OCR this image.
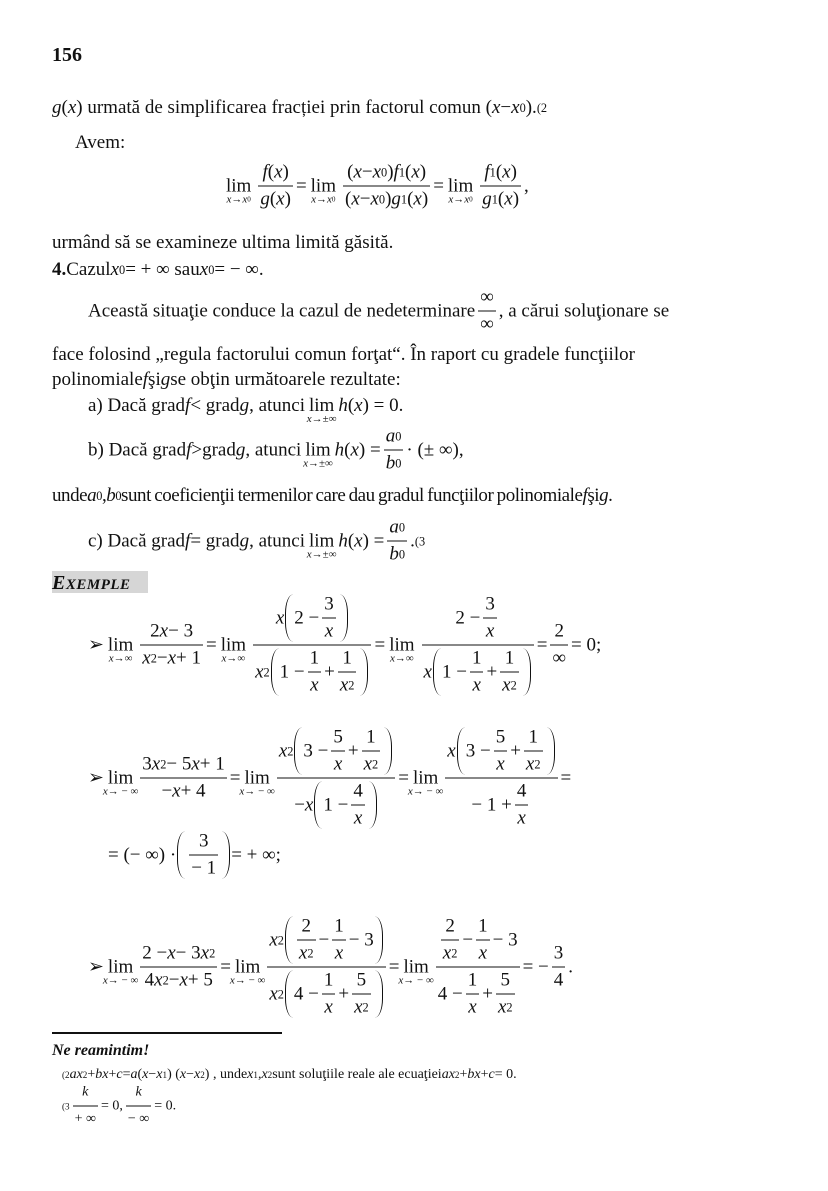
156
g ( x ) urmată de simplificarea fracției prin factorul comun ( x − x 0 ). (2
Avem:
lim
x → x $0 \frac{f ( x )}{g ( x )} = \lim$
x → x $0 \frac{( x - x 0 ) f 1 ( x )}{( x - x 0 ) g 1 ( x )} = \lim$
x → x $0 \frac{f 1 ( x )}{g 1 ( x )}$ ,
urmând să se examineze ultima limită găsită.
4. Cazul x 0 = + ∞ sau x 0 = − ∞.
Această situaţie conduce la cazul de nedeterminare $\frac{\infty}{\infty}$ , a cărui soluţionare se
face folosind „regula factorului comun forţat“. În raport cu gradele funcţiilor
polinomiale f şi g se obţin următoarele rezultate:
a) Dacă grad f < grad g , atunci lim
x →±∞
h ( x ) = 0.
b) Dacă grad f >grad g , atunci lim
x →±∞
h ( x ) = $\frac{a 0}{b 0}$ · (± ∞),
unde a 0 , b 0 sunt coeficienţii termenilor care dau gradul funcţiilor polinomiale f şi g .
c) Dacă grad f = grad g , atunci lim
x →±∞
h ( x ) = $\frac{a 0}{b 0}$ . (3
EXEMPLE
➢ lim
x →∞ $\frac{2 x - 3}{x 2 - x + 1} = \lim$
x →∞ $\frac{x 2 - \frac{3}{x}}{x 2 1 - \frac{1}{x} + \frac{1}{x 2}} = \lim$
x →∞ $\frac{2 - \frac{3}{x}}{x 1 - \frac{1}{x} + \frac{1}{x 2}} = \frac{2}{\infty} = 0$;
➢ lim
x → − ∞ $\frac{3 x 2 - 5 x + 1}{- x + 4} = \lim$
x → − ∞ $\frac{x 2 3 - \frac{5}{x} + \frac{1}{x 2}}{- x 1 - \frac{4}{x}} = \lim$
x → − ∞ $\frac{x 3 - \frac{5}{x} + \frac{1}{x 2}}{- 1 + \frac{4}{x}}$ =
= (− ∞) · $\frac{3}{- 1}$ = + ∞;
➢ lim
x → − ∞ $\frac{2 - x - 3 x 2}{4 x 2 - x + 5} = \lim$
x → − ∞ $\frac{x 2 \frac{2}{x 2} - \frac{1}{x} - 3}{x 2 4 - \frac{1}{x} + \frac{5}{x 2}} = \lim$
x → − ∞ $\frac{\frac{2}{x 2} - \frac{1}{x} - 3}{4 - \frac{1}{x} + \frac{5}{x 2}}$ = − $\frac{3}{4}$ .
Ne reamintim!
(2 ax 2 + bx + c = a ( x − x 1 ) ( x − x 2 ) , unde x 1 , x 2 sunt soluţiile reale ale ecuaţiei ax 2 + bx + c = 0.
($3 \frac{k}{+ \infty} = 0$, $\frac{k}{- \infty} = 0$.
